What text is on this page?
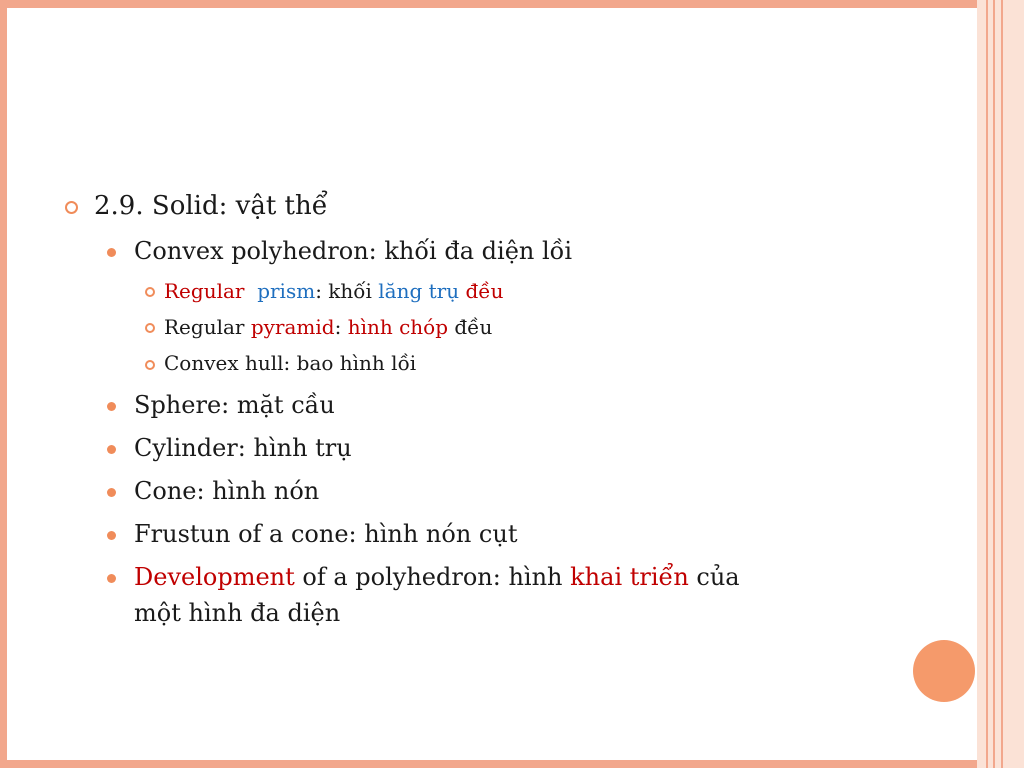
2.9. Solid: vật thể
Convex polyhedron: khối đa diện lồi
Regular prism: khối lăng trụ đều
Regular pyramid: hình chóp đều
Convex hull: bao hình lồi
Sphere: mặt cầu
Cylinder: hình trụ
Cone: hình nón
Frustun of a cone: hình nón cụt
Development of a polyhedron: hình khai triển của
một hình đa diện
